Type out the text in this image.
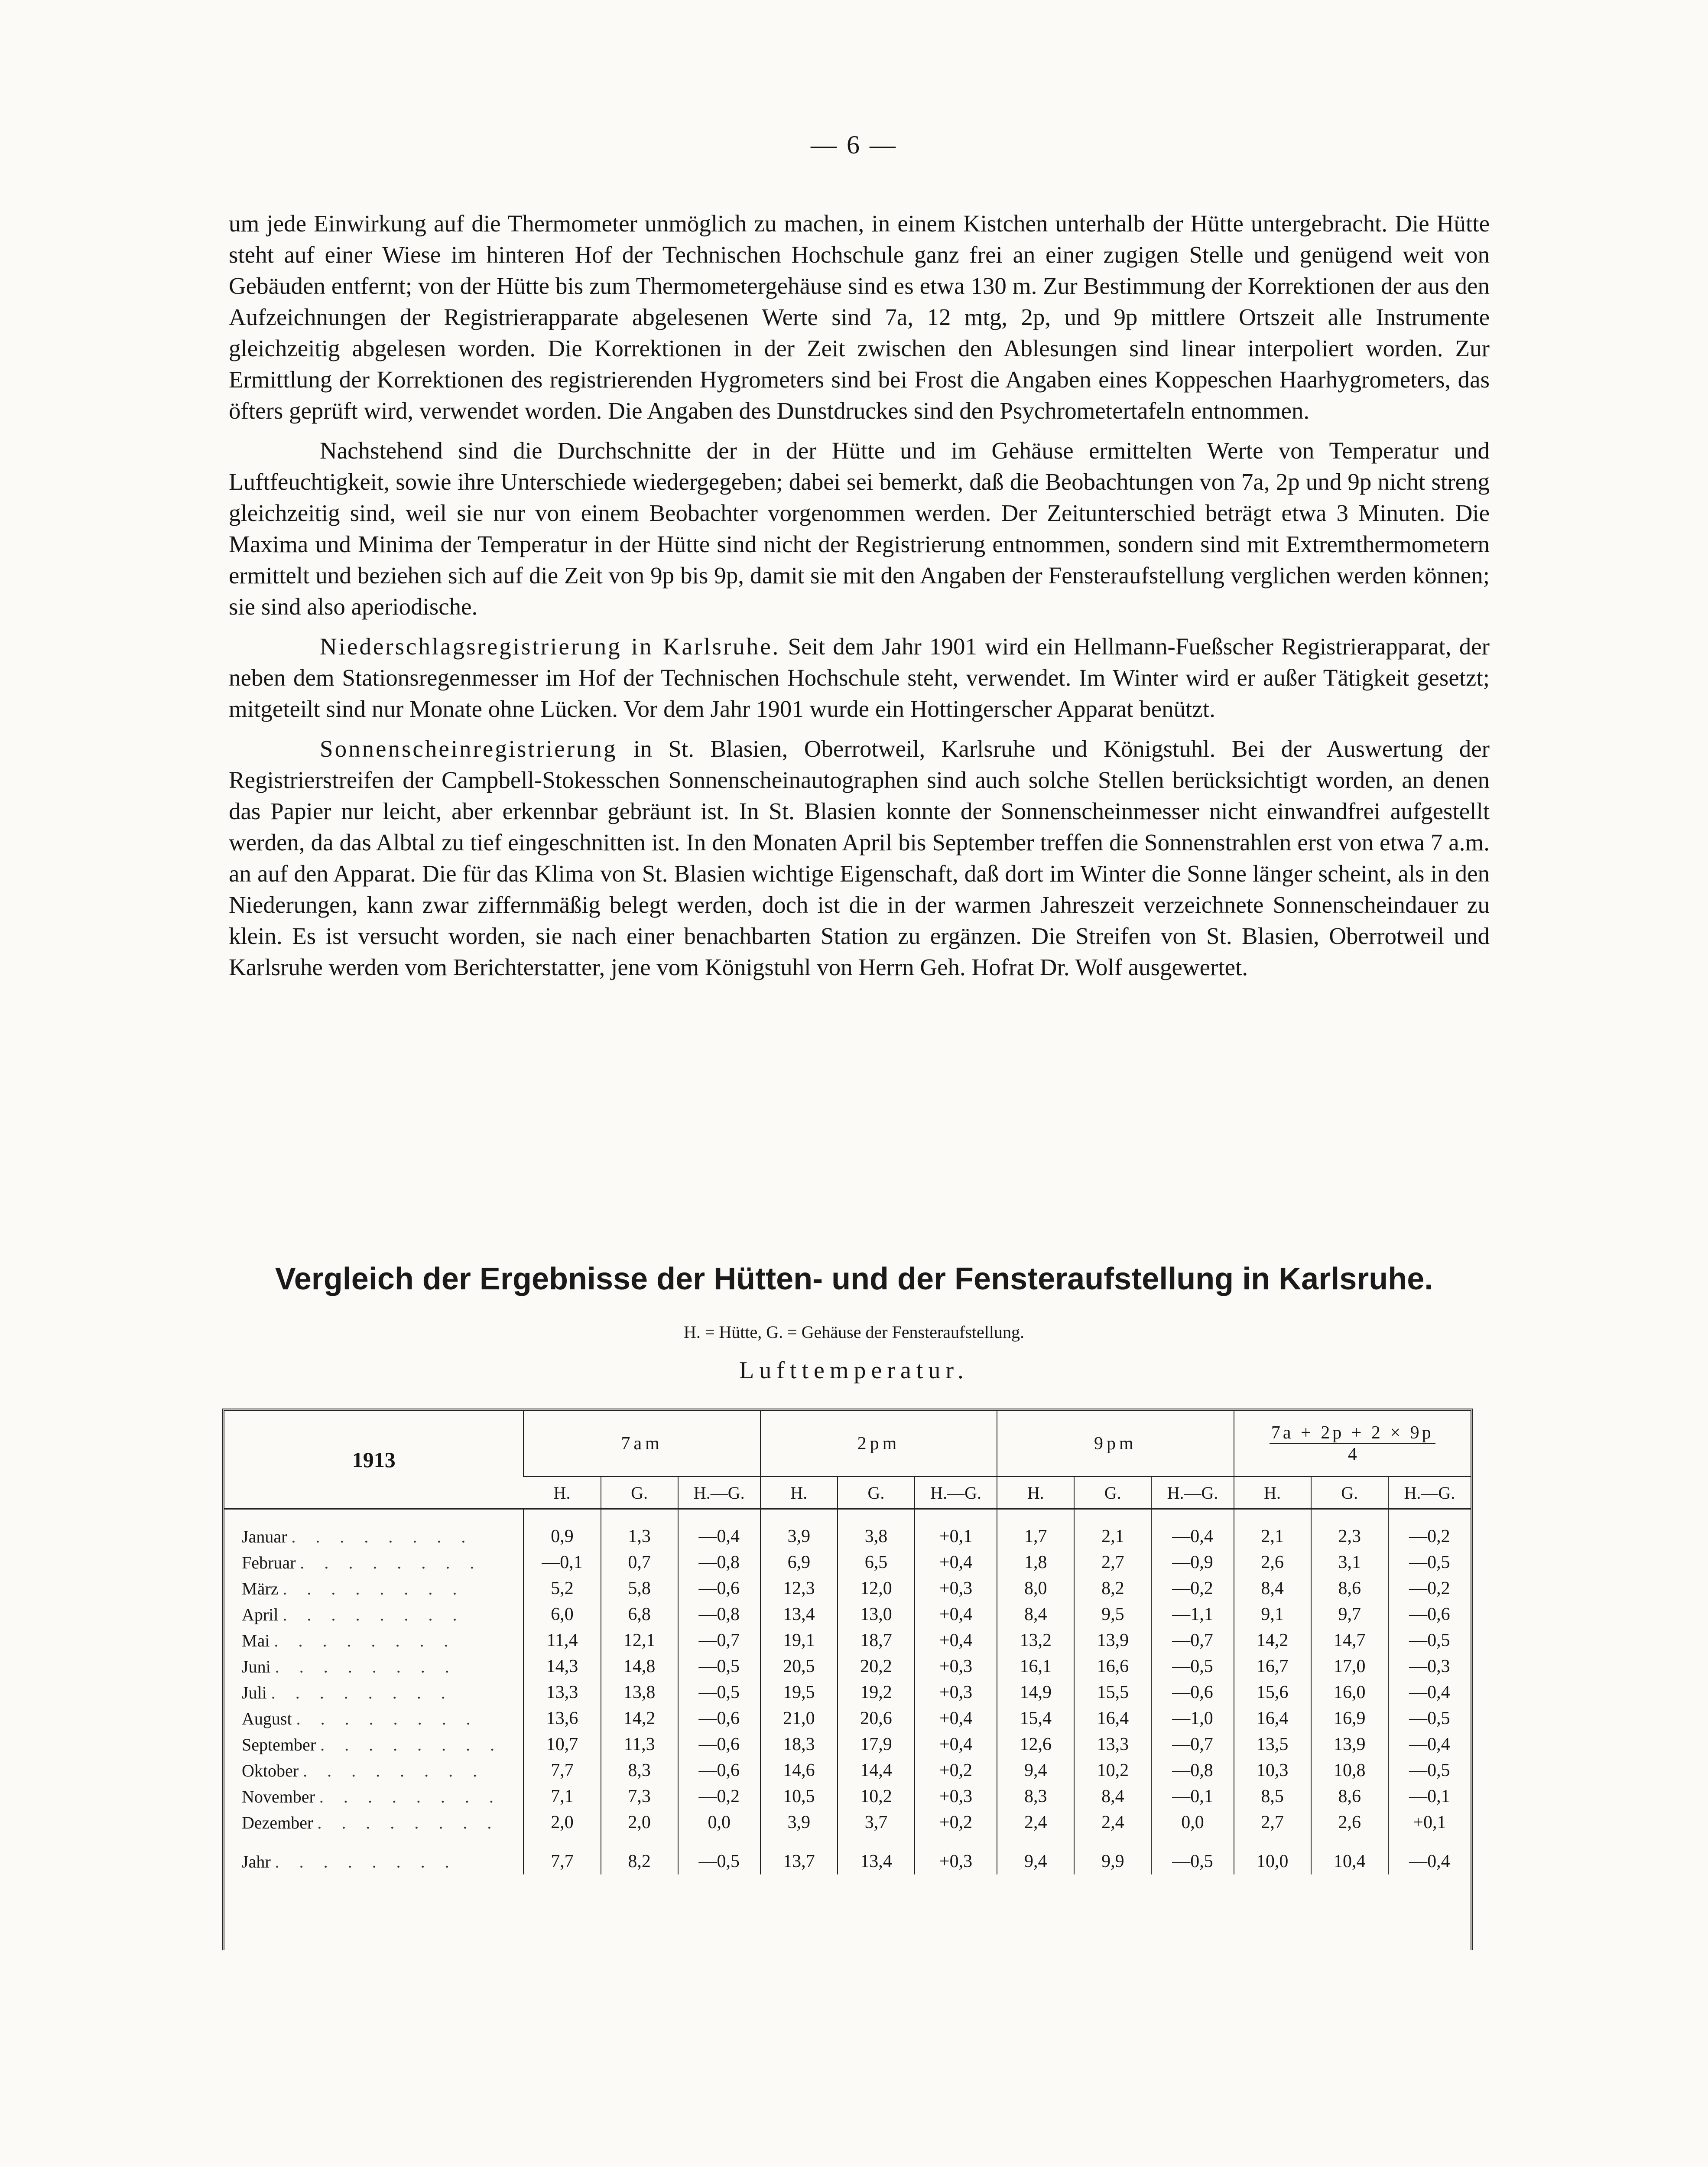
— 6 —

um jede Einwirkung auf die Thermometer unmöglich zu machen, in einem Kistchen unterhalb der Hütte untergebracht. Die Hütte steht auf einer Wiese im hinteren Hof der Technischen Hochschule ganz frei an einer zugigen Stelle und genügend weit von Gebäuden entfernt; von der Hütte bis zum Thermometergehäuse sind es etwa 130 m. Zur Bestimmung der Korrektionen der aus den Aufzeichnungen der Registrierapparate abgelesenen Werte sind 7a, 12 mtg, 2p, und 9p mittlere Ortszeit alle Instrumente gleichzeitig abgelesen worden. Die Korrektionen in der Zeit zwischen den Ablesungen sind linear interpoliert worden. Zur Ermittlung der Korrektionen des registrierenden Hygrometers sind bei Frost die Angaben eines Koppeschen Haarhygrometers, das öfters geprüft wird, verwendet worden. Die Angaben des Dunstdruckes sind den Psychrometertafeln entnommen.

Nachstehend sind die Durchschnitte der in der Hütte und im Gehäuse ermittelten Werte von Temperatur und Luftfeuchtigkeit, sowie ihre Unterschiede wiedergegeben; dabei sei bemerkt, daß die Beobachtungen von 7a, 2p und 9p nicht streng gleichzeitig sind, weil sie nur von einem Beobachter vorgenommen werden. Der Zeitunterschied beträgt etwa 3 Minuten. Die Maxima und Minima der Temperatur in der Hütte sind nicht der Registrierung entnommen, sondern sind mit Extremthermometern ermittelt und beziehen sich auf die Zeit von 9p bis 9p, damit sie mit den Angaben der Fensteraufstellung verglichen werden können; sie sind also aperiodische.

Niederschlagsregistrierung in Karlsruhe. Seit dem Jahr 1901 wird ein Hellmann-Fueßscher Registrierapparat, der neben dem Stationsregenmesser im Hof der Technischen Hochschule steht, verwendet. Im Winter wird er außer Tätigkeit gesetzt; mitgeteilt sind nur Monate ohne Lücken. Vor dem Jahr 1901 wurde ein Hottingerscher Apparat benützt.

Sonnenscheinregistrierung in St. Blasien, Oberrotweil, Karlsruhe und Königstuhl. Bei der Auswertung der Registrierstreifen der Campbell-Stokesschen Sonnenscheinautographen sind auch solche Stellen berücksichtigt worden, an denen das Papier nur leicht, aber erkennbar gebräunt ist. In St. Blasien konnte der Sonnenscheinmesser nicht einwandfrei aufgestellt werden, da das Albtal zu tief eingeschnitten ist. In den Monaten April bis September treffen die Sonnenstrahlen erst von etwa 7 a.m. an auf den Apparat. Die für das Klima von St. Blasien wichtige Eigenschaft, daß dort im Winter die Sonne länger scheint, als in den Niederungen, kann zwar ziffernmäßig belegt werden, doch ist die in der warmen Jahreszeit verzeichnete Sonnenscheindauer zu klein. Es ist versucht worden, sie nach einer benachbarten Station zu ergänzen. Die Streifen von St. Blasien, Oberrotweil und Karlsruhe werden vom Berichterstatter, jene vom Königstuhl von Herrn Geh. Hofrat Dr. Wolf ausgewertet.

Vergleich der Ergebnisse der Hütten- und der Fensteraufstellung in Karlsruhe.
H. = Hütte, G. = Gehäuse der Fensteraufstellung.
Lufttemperatur.
1913	7am			2pm			9pm			$\frac{7a + 2p + 2 \times 9p}{4}$

	H.	G.	H.—G.	H.	G.	H.—G.	H.	G.	H.—G.	H.	G.	H.—G.

Januar . . . . . . . .	0,9	1,3	—0,4	3,9	3,8	+0,1	1,7	2,1	—0,4	2,1	2,3	—0,2
Februar . . . . . . . .	—0,1	0,7	—0,8	6,9	6,5	+0,4	1,8	2,7	—0,9	2,6	3,1	—0,5
März . . . . . . . .	5,2	5,8	—0,6	12,3	12,0	+0,3	8,0	8,2	—0,2	8,4	8,6	—0,2
April . . . . . . . .	6,0	6,8	—0,8	13,4	13,0	+0,4	8,4	9,5	—1,1	9,1	9,7	—0,6
Mai . . . . . . . .	11,4	12,1	—0,7	19,1	18,7	+0,4	13,2	13,9	—0,7	14,2	14,7	—0,5
Juni . . . . . . . .	14,3	14,8	—0,5	20,5	20,2	+0,3	16,1	16,6	—0,5	16,7	17,0	—0,3
Juli . . . . . . . .	13,3	13,8	—0,5	19,5	19,2	+0,3	14,9	15,5	—0,6	15,6	16,0	—0,4
August . . . . . . . .	13,6	14,2	—0,6	21,0	20,6	+0,4	15,4	16,4	—1,0	16,4	16,9	—0,5
September . . . . . . . .	10,7	11,3	—0,6	18,3	17,9	+0,4	12,6	13,3	—0,7	13,5	13,9	—0,4
Oktober . . . . . . . .	7,7	8,3	—0,6	14,6	14,4	+0,2	9,4	10,2	—0,8	10,3	10,8	—0,5
November . . . . . . . .	7,1	7,3	—0,2	10,5	10,2	+0,3	8,3	8,4	—0,1	8,5	8,6	—0,1
Dezember . . . . . . . .	2,0	2,0	0,0	3,9	3,7	+0,2	2,4	2,4	0,0	2,7	2,6	+0,1

Jahr . . . . . . . .	7,7	8,2	—0,5	13,7	13,4	+0,3	9,4	9,9	—0,5	10,0	10,4	—0,4
